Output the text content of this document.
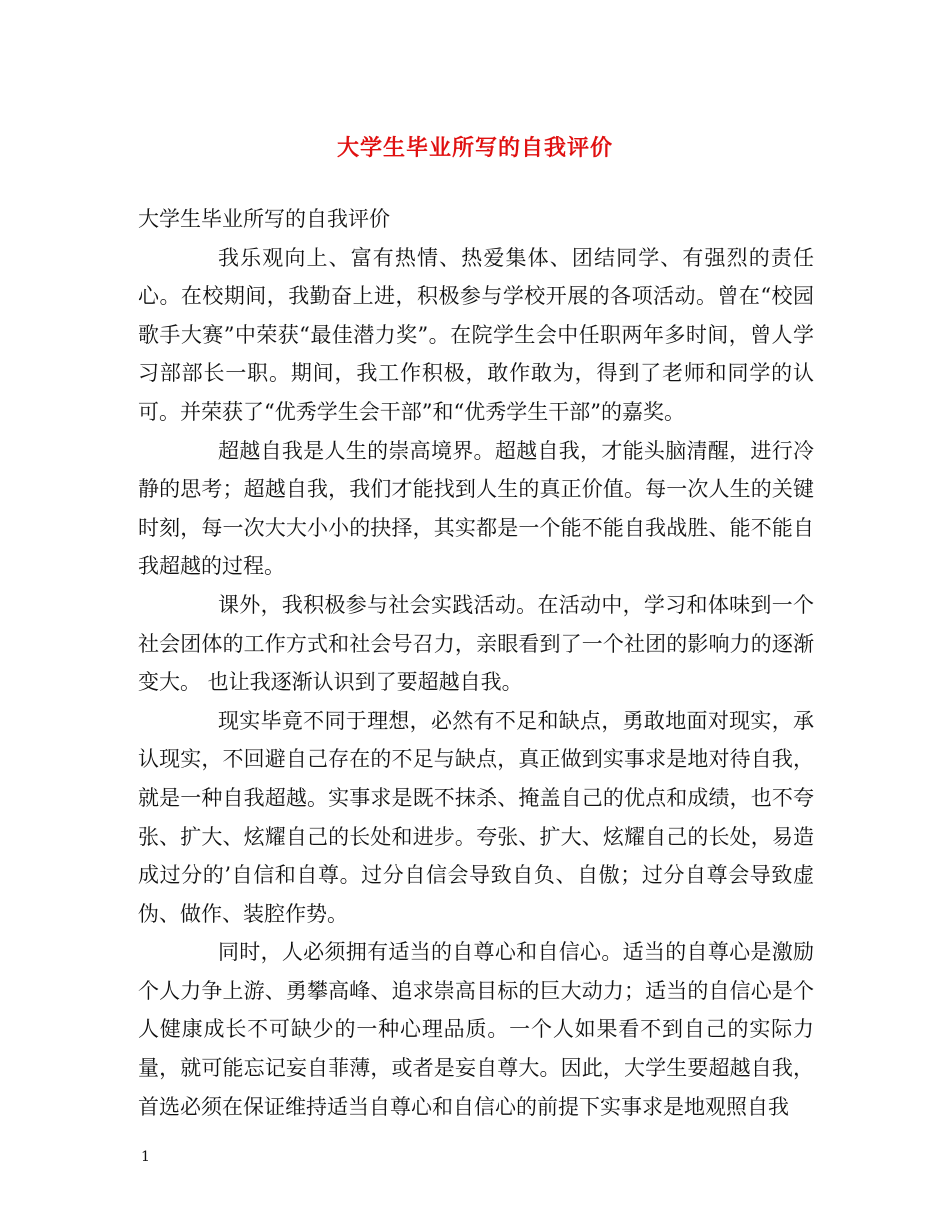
大学生毕业所写的自我评价

大学生毕业所写的自我评价

我乐观向上、富有热情、热爱集体、团结同学、有强烈的责任心。在校期间，我勤奋上进，积极参与学校开展的各项活动。曾在“校园歌手大赛”中荣获“最佳潜力奖”。在院学生会中任职两年多时间，曾人学习部部长一职。期间，我工作积极，敢作敢为，得到了老师和同学的认可。并荣获了“优秀学生会干部”和“优秀学生干部”的嘉奖。

超越自我是人生的崇高境界。超越自我，才能头脑清醒，进行冷静的思考；超越自我，我们才能找到人生的真正价值。每一次人生的关键时刻，每一次大大小小的抉择，其实都是一个能不能自我战胜、能不能自我超越的过程。

课外，我积极参与社会实践活动。在活动中，学习和体味到一个社会团体的工作方式和社会号召力，亲眼看到了一个社团的影响力的逐渐变大。 也让我逐渐认识到了要超越自我。

现实毕竟不同于理想，必然有不足和缺点，勇敢地面对现实，承认现实，不回避自己存在的不足与缺点，真正做到实事求是地对待自我，就是一种自我超越。实事求是既不抹杀、掩盖自己的优点和成绩，也不夸张、扩大、炫耀自己的长处和进步。夸张、扩大、炫耀自己的长处，易造成过分的’自信和自尊。过分自信会导致自负、自傲；过分自尊会导致虚伪、做作、装腔作势。

同时，人必须拥有适当的自尊心和自信心。适当的自尊心是激励个人力争上游、勇攀高峰、追求崇高目标的巨大动力；适当的自信心是个人健康成长不可缺少的一种心理品质。一个人如果看不到自己的实际力量，就可能忘记妄自菲薄，或者是妄自尊大。因此，大学生要超越自我，首选必须在保证维持适当自尊心和自信心的前提下实事求是地观照自我

1
